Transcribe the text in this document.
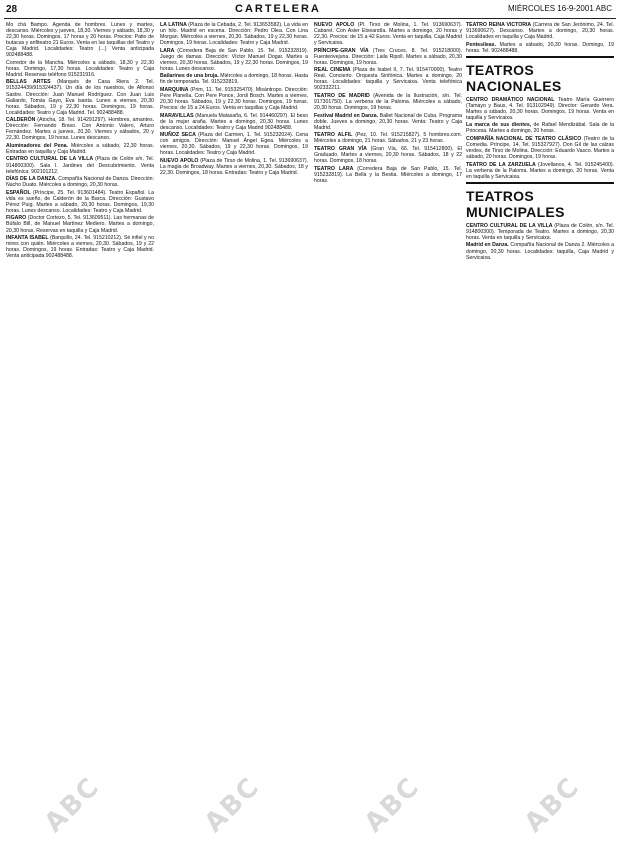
28	CARTELERA	MIÉRCOLES 16-9-2001 ABC

Mo chá Bampo. Agenda de hombres. Lunes y martes, descanso. Miércoles y jueves, 18,30. Viernes y sábado, 18,30 y 22,30 horas. Domingos, 17 horas y 20 horas. Precios: Patio de butacas y anfiteatro 21 Euros. Venta en las taquillas del Teatro y Caja Madrid. Localidades: Teatro (...) Venta anticipada 902488488.

Corredor de la Mancha. Miércoles a sábado, 18,30 y 22,30 horas. Domingo, 17,30 horas. Localidades: Teatro y Caja Madrid. Reservas teléfono 915231916.

BELLAS ARTES (Marqués de Casa Riera 2. Tel. 915324439/915324437). Un día de los nuestros, de Alfonso Sastre. Dirección: Juan Manuel Rodríguez. Con Juan Luis Galiardo, Tomás Gayo, Eva Isanta. Lunes a viernes, 20,30 horas. Sábados, 19 y 22,30 horas. Domingos, 19 horas. Localidades: Teatro y Caja Madrid. Tel. 902488488.

CALDERÓN (Atocha, 18. Tel. 914291297). Hombres, amantes. Dirección: Fernando Bravo. Con Antonio Valero, Arturo Fernández. Martes a jueves, 20,30. Viernes y sábados, 20 y 22,30. Domingos, 19 horas. Lunes descanso.

Aluminadores del Pena. Miércoles a sábado, 22,30 horas. Entradas en taquilla y Caja Madrid.

CENTRO CULTURAL DE LA VILLA (Plaza de Colón s/n. Tel. 914800300). Sala I. Jardines del Descubrimiento. Venta telefónica: 902101212.

DÍAS DE LA DANZA. Compañía Nacional de Danza. Dirección: Nacho Duato. Miércoles a domingo, 20,30 horas.

ESPAÑOL (Príncipe, 25. Tel. 913601484). Teatro Español. La vida es sueño, de Calderón de la Barca. Dirección: Gustavo Pérez Puig. Martes a sábado, 20,30 horas. Domingos, 19,30 horas. Lunes descanso. Localidades: Teatro y Caja Madrid.

FIGARO (Doctor Cortezo, 5. Tel. 913609511). Las hermanas de Búfalo Bill, de Manuel Martínez Mediero. Martes a domingo, 20,30 horas. Reservas en taquilla y Caja Madrid.

INFANTA ISABEL (Barquillo, 24. Tel. 915210212). Sé infiel y no mires con quién. Miércoles a viernes, 20,30. Sábados, 19 y 22 horas. Domingos, 19 horas. Entradas: Teatro y Caja Madrid. Venta anticipada 902488488.

LA LATINA (Plaza de la Cebada, 2. Tel. 913653582). La vida en un hilo. Madrid en escena. Dirección: Pedro Olea. Con Lina Morgan. Miércoles a viernes, 20,30. Sábados, 19 y 22,30 horas. Domingos, 19 horas. Localidades: Teatro y Caja Madrid.

LARA (Corredera Baja de San Pablo, 15. Tel. 915232819). Juego de damas. Dirección: Víctor Manuel Dogar. Martes a viernes, 20,30 horas. Sábados, 19 y 22,30 horas. Domingos, 19 horas. Lunes descanso.

Bailarines de una bruja. Miércoles a domingo, 18 horas. Hasta fin de temporada. Tel. 915232819.

MARQUINA (Prim, 11. Tel. 915325470). Misántropo. Dirección: Pere Planella. Con Pere Ponce, Jordi Bosch. Martes a viernes, 20,30 horas. Sábados, 19 y 22,30 horas. Domingos, 19 horas. Precios: de 15 a 24 Euros. Venta en taquillas y Caja Madrid.

MARAVILLAS (Manuela Malasaña, 6. Tel. 914460297). El beso de la mujer araña. Martes a domingo, 20,30 horas. Lunes descanso. Localidades: Teatro y Caja Madrid 902488488.

MUÑOZ SECA (Plaza del Carmen, 1. Tel. 915232024). Cena con amigos. Dirección: Manuel Ángel Egea. Miércoles a viernes, 20,30. Sábados, 19 y 22,30 horas. Domingos, 19 horas. Localidades: Teatro y Caja Madrid.

NUEVO APOLO (Plaza de Tirso de Molina, 1. Tel. 913690637). La magia de Broadway. Martes a viernes, 20,30. Sábados, 18 y 22,30. Domingos, 18 horas. Entradas: Teatro y Caja Madrid.

NUEVO APOLO (Pl. Tirso de Molina, 1. Tel. 913690637). Cabaret. Con Asier Etxeandía. Martes a domingo, 20 horas y 22,30. Precios: de 15 a 42 Euros. Venta en taquilla, Caja Madrid y Servicaixa.

PRÍNCIPE-GRAN VÍA (Tres Cruces, 8. Tel. 915218000). Fuenteovejuna. Dirección: Laila Ripoll. Martes a sábado, 20,30 horas. Domingos, 19 horas.

REAL CINEMA (Plaza de Isabel II, 7. Tel. 915470000). Teatro Real. Concierto. Orquesta Sinfónica. Martes a domingo, 20 horas. Localidades: taquilla y Servicaixa. Venta telefónica 902332211.

TEATRO DE MADRID (Avenida de la Ilustración, s/n. Tel. 917301750). La verbena de la Paloma. Miércoles a sábado, 20,30 horas. Domingos, 19 horas.

Festival Madrid en Danza. Ballet Nacional de Cuba. Programa doble. Jueves a domingo, 20,30 horas. Venta: Teatro y Caja Madrid.

TEATRO ALFIL (Pez, 10. Tel. 915215827). 5 hombres.com. Miércoles a domingo, 21 horas. Sábados, 21 y 23 horas.

TEATRO GRAN VÍA (Gran Vía, 66. Tel. 915412800). El Graduado. Martes a viernes, 20,30 horas. Sábados, 18 y 22 horas. Domingos, 18 horas.

TEATRO LARA (Corredera Baja de San Pablo, 15. Tel. 915232819). La Bella y la Bestia. Miércoles a domingo, 17 horas.

TEATRO REINA VICTORIA (Carrera de San Jerónimo, 24. Tel. 913690627). Descanso. Martes a domingo, 20,30 horas. Localidades en taquilla y Caja Madrid.

Pentesileas. Martes a sábado, 20,30 horas. Domingo, 19 horas. Tel. 902488488.

TEATROS NACIONALES

CENTRO DRAMÁTICO NACIONAL Teatro María Guerrero (Tamayo y Baus, 4. Tel. 913102949). Director: Gerardo Vera. Martes a sábado, 20,30 horas. Domingos, 19 horas. Venta en taquilla y Servicaixa.

La marca de sus dientes, de Rafael Mendizábal. Sala de la Princesa. Martes a domingo, 20 horas.

COMPAÑÍA NACIONAL DE TEATRO CLÁSICO (Teatro de la Comedia. Príncipe, 14. Tel. 915327927). Don Gil de las calzas verdes, de Tirso de Molina. Dirección: Eduardo Vasco. Martes a sábado, 20 horas. Domingos, 19 horas.

TEATRO DE LA ZARZUELA (Jovellanos, 4. Tel. 915245400). La verbena de la Paloma. Martes a domingo, 20 horas. Venta en taquilla y Servicaixa.

TEATROS MUNICIPALES

CENTRO CULTURAL DE LA VILLA (Plaza de Colón, s/n. Tel. 914800300). Temporada de Teatro. Martes a domingo, 20,30 horas. Venta en taquilla y Servicaixa.

Madrid en Danza. Compañía Nacional de Danza 2. Miércoles a domingo, 20,30 horas. Localidades: taquilla, Caja Madrid y Servicaixa.

ABC	ABC	ABC	ABC
